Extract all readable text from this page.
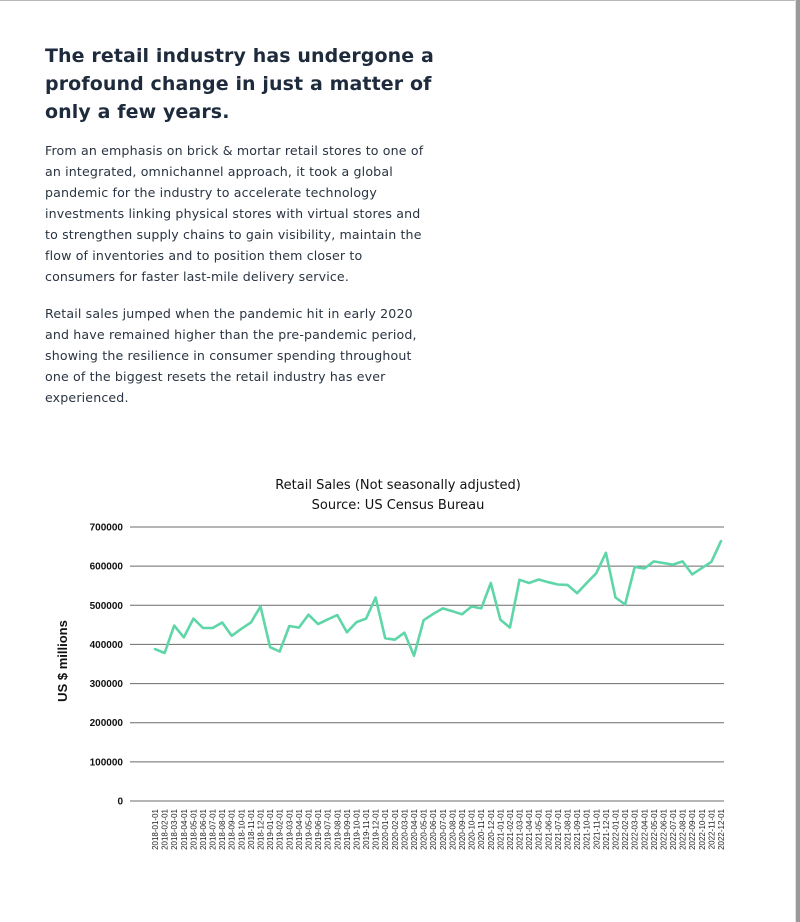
The retail industry has undergone a profound change in just a matter of only a few years.

From an emphasis on brick & mortar retail stores to one of an integrated, omnichannel approach, it took a global pandemic for the industry to accelerate technology investments linking physical stores with virtual stores and to strengthen supply chains to gain visibility, maintain the flow of inventories and to position them closer to consumers for faster last-mile delivery service.

Retail sales jumped when the pandemic hit in early 2020 and have remained higher than the pre-pandemic period, showing the resilience in consumer spending throughout one of the biggest resets the retail industry has ever experienced.

Retail Sales (Not seasonally adjusted)
Source: US Census Bureau
US $ millions
0
100000
200000
300000
400000
500000
600000
700000
2018-01-01 2018-02-01 2018-03-01 2018-04-01 2018-05-01 2018-06-01 2018-07-01 2018-08-01 2018-09-01 2018-10-01 2018-11-01 2018-12-01 2019-01-01 2019-02-01 2019-03-01 2019-04-01 2019-05-01 2019-06-01 2019-07-01 2019-08-01 2019-09-01 2019-10-01 2019-11-01 2019-12-01 2020-01-01 2020-02-01 2020-03-01 2020-04-01 2020-05-01 2020-06-01 2020-07-01 2020-08-01 2020-09-01 2020-10-01 2020-11-01 2020-12-01 2021-01-01 2021-02-01 2021-03-01 2021-04-01 2021-05-01 2021-06-01 2021-07-01 2021-08-01 2021-09-01 2021-10-01 2021-11-01 2021-12-01 2022-01-01 2022-02-01 2022-03-01 2022-04-01 2022-05-01 2022-06-01 2022-07-01 2022-08-01 2022-09-01 2022-10-01 2022-11-01 2022-12-01
